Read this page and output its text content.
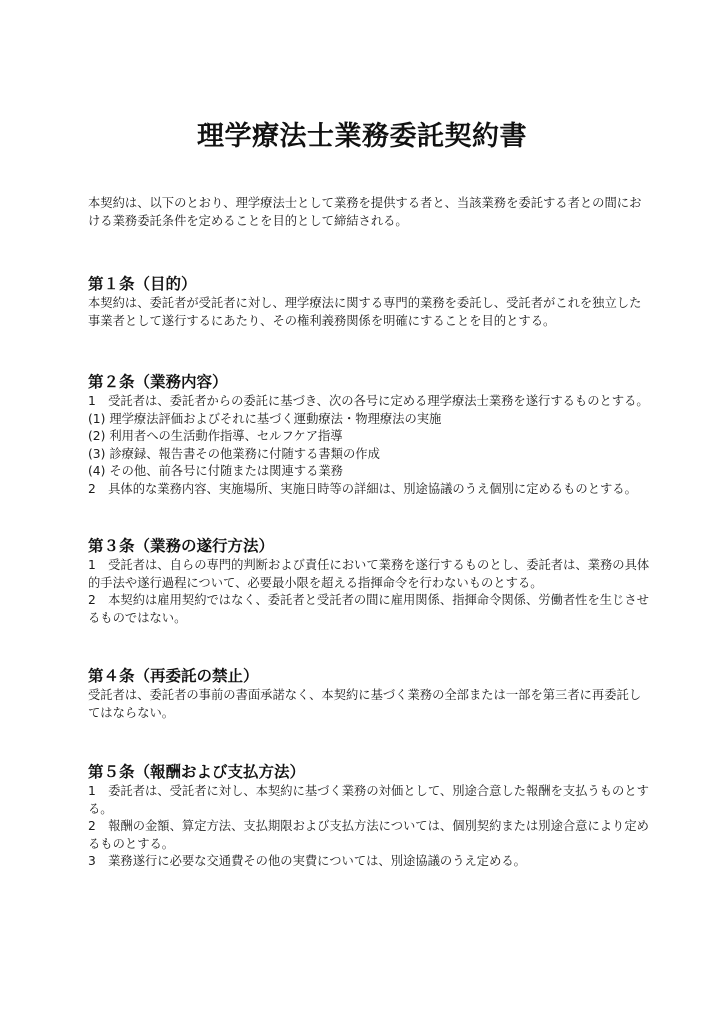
理学療法士業務委託契約書

本契約は、以下のとおり、理学療法士として業務を提供する者と、当該業務を委託する者との間における業務委託条件を定めることを目的として締結される。

第１条（目的）

本契約は、委託者が受託者に対し、理学療法に関する専門的業務を委託し、受託者がこれを独立した事業者として遂行するにあたり、その権利義務関係を明確にすることを目的とする。

第２条（業務内容）

1　受託者は、委託者からの委託に基づき、次の各号に定める理学療法士業務を遂行するものとする。

(1) 理学療法評価およびそれに基づく運動療法・物理療法の実施

(2) 利用者への生活動作指導、セルフケア指導

(3) 診療録、報告書その他業務に付随する書類の作成

(4) その他、前各号に付随または関連する業務

2　具体的な業務内容、実施場所、実施日時等の詳細は、別途協議のうえ個別に定めるものとする。

第３条（業務の遂行方法）

1　受託者は、自らの専門的判断および責任において業務を遂行するものとし、委託者は、業務の具体的手法や遂行過程について、必要最小限を超える指揮命令を行わないものとする。

2　本契約は雇用契約ではなく、委託者と受託者の間に雇用関係、指揮命令関係、労働者性を生じさせるものではない。

第４条（再委託の禁止）

受託者は、委託者の事前の書面承諾なく、本契約に基づく業務の全部または一部を第三者に再委託してはならない。

第５条（報酬および支払方法）

1　委託者は、受託者に対し、本契約に基づく業務の対価として、別途合意した報酬を支払うものとする。

2　報酬の金額、算定方法、支払期限および支払方法については、個別契約または別途合意により定めるものとする。

3　業務遂行に必要な交通費その他の実費については、別途協議のうえ定める。
